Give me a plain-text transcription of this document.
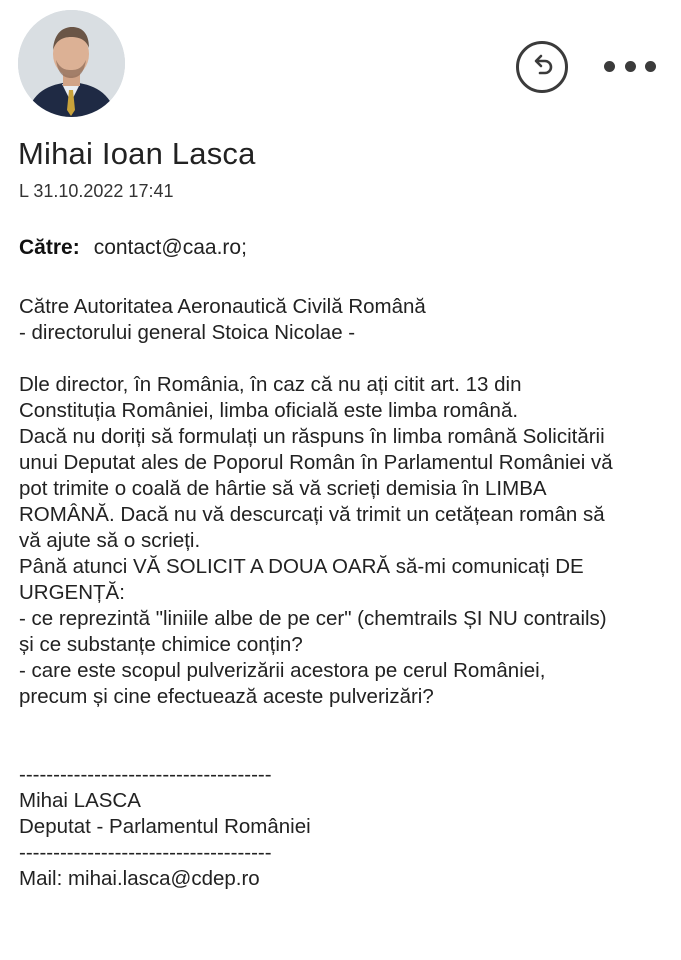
Mihai Ioan Lasca
L 31.10.2022 17:41
Către: contact@caa.ro;

Către Autoritatea Aeronautică Civilă Română

- directorului general Stoica Nicolae -

Dle director, în România, în caz că nu ați citit art. 13 din

Constituția României, limba oficială este limba română.

Dacă nu doriți să formulați un răspuns în limba română Solicitării

unui Deputat ales de Poporul Român în Parlamentul României vă

pot trimite o coală de hârtie să vă scrieți demisia în LIMBA

ROMÂNĂ. Dacă nu vă descurcați vă trimit un cetățean român să

vă ajute să o scrieți.

Până atunci VĂ SOLICIT A DOUA OARĂ să-mi comunicați DE

URGENȚĂ:

- ce reprezintă "liniile albe de pe cer" (chemtrails ȘI NU contrails)

și ce substanțe chimice conțin?

- care este scopul pulverizării acestora pe cerul României,

precum și cine efectuează aceste pulverizări?

-------------------------------------

Mihai LASCA

Deputat - Parlamentul României

-------------------------------------

Mail: mihai.lasca@cdep.ro
